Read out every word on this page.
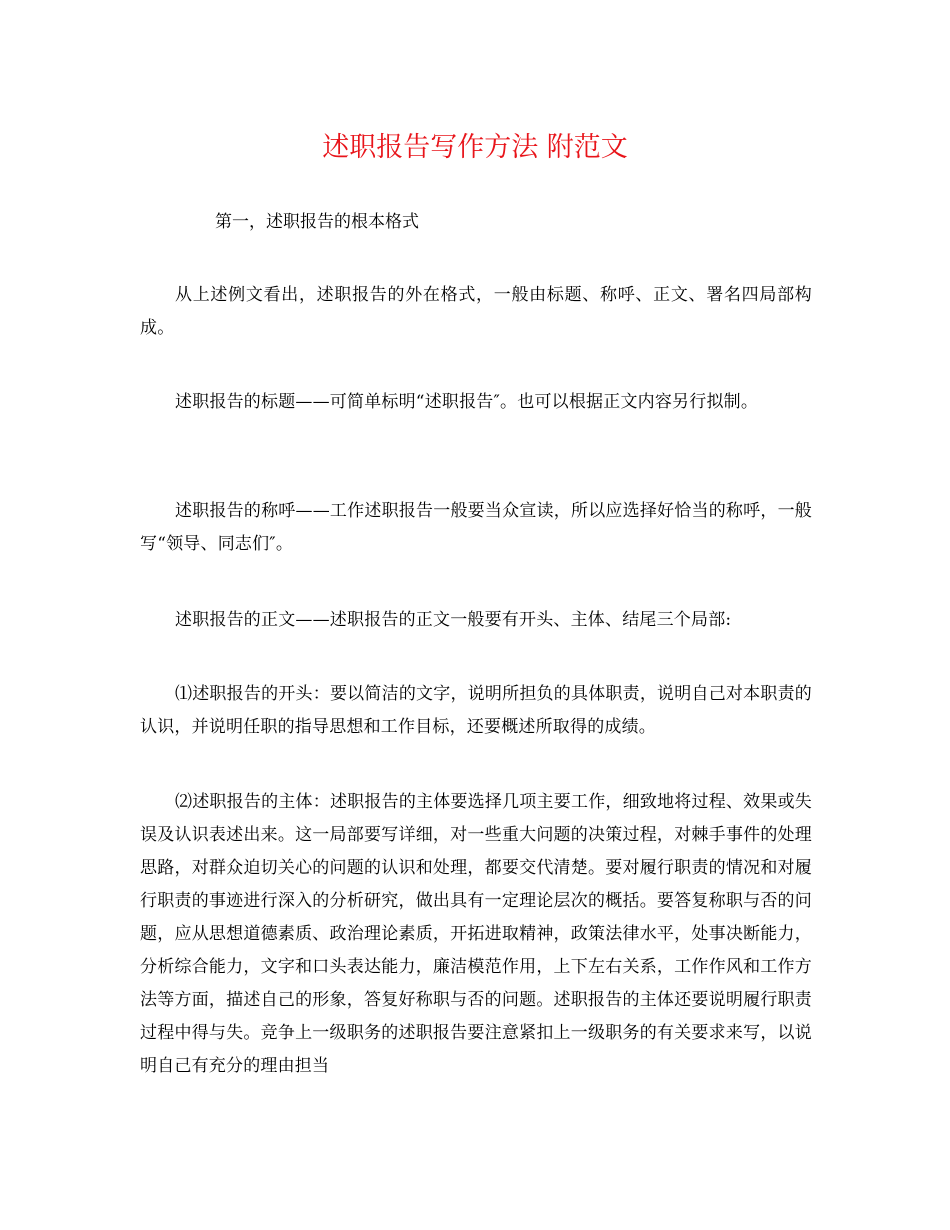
述职报告写作方法 附范文

第一，述职报告的根本格式

从上述例文看出，述职报告的外在格式，一般由标题、称呼、正文、署名四局部构成。

述职报告的标题——可简单标明“述职报告″。也可以根据正文内容另行拟制。

述职报告的称呼——工作述职报告一般要当众宣读，所以应选择好恰当的称呼，一般写“领导、同志们″。

述职报告的正文——述职报告的正文一般要有开头、主体、结尾三个局部:

⑴述职报告的开头：要以简洁的文字，说明所担负的具体职责，说明自己对本职责的认识，并说明任职的指导思想和工作目标，还要概述所取得的成绩。

⑵述职报告的主体：述职报告的主体要选择几项主要工作，细致地将过程、效果或失误及认识表述出来。这一局部要写详细，对一些重大问题的决策过程，对棘手事件的处理思路，对群众迫切关心的问题的认识和处理，都要交代清楚。要对履行职责的情况和对履行职责的事迹进行深入的分析研究，做出具有一定理论层次的概括。要答复称职与否的问题，应从思想道德素质、政治理论素质，开拓进取精神，政策法律水平，处事决断能力，分析综合能力，文字和口头表达能力，廉洁模范作用，上下左右关系，工作作风和工作方法等方面，描述自己的形象，答复好称职与否的问题。述职报告的主体还要说明履行职责过程中得与失。竞争上一级职务的述职报告要注意紧扣上一级职务的有关要求来写，以说明自己有充分的理由担当
